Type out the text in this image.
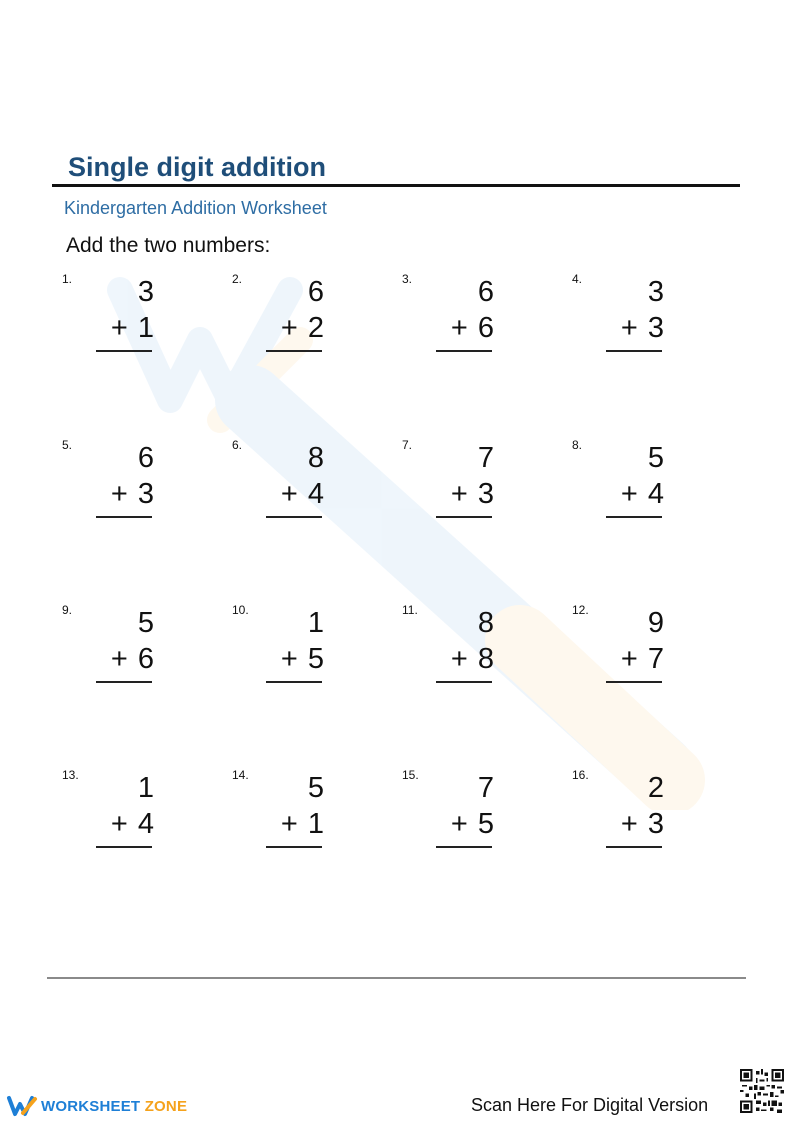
Single digit addition
Kindergarten Addition Worksheet
Add the two numbers:
1. 3
+ 1
2. 6
+ 2
3. 6
+ 6
4. 3
+ 3
5. 6
+ 3
6. 8
+ 4
7. 7
+ 3
8. 5
+ 4
9. 5
+ 6
10. 1
+ 5
11. 8
+ 8
12. 9
+ 7
13. 1
+ 4
14. 5
+ 1
15. 7
+ 5
16. 2
+ 3
WORKSHEET ZONE	Scan Here For Digital Version
